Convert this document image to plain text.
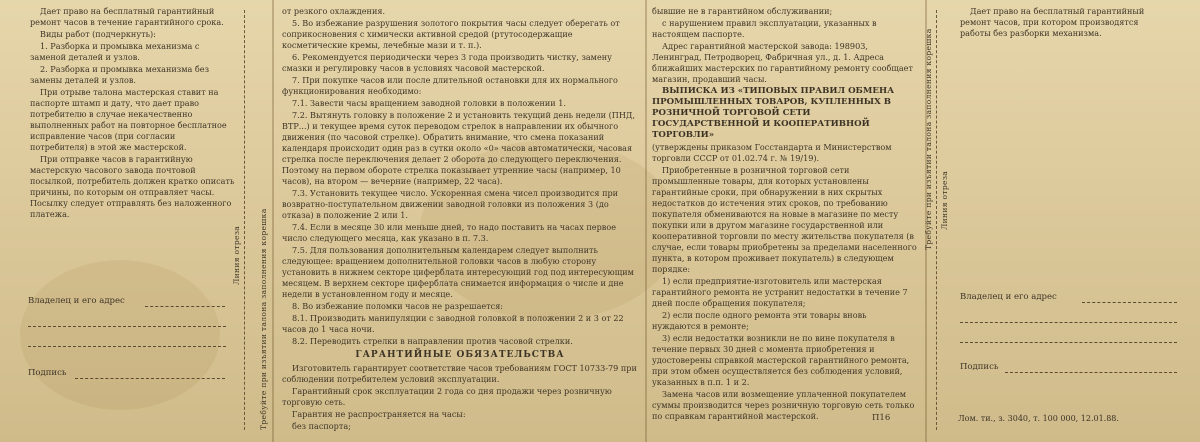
Дает право на бесплатный гарантийный ремонт часов в течение гарантийного срока.

Виды работ (подчеркнуть):

1. Разборка и промывка механизма с заменой деталей и узлов.

2. Разборка и промывка механизма без замены деталей и узлов.

При отрыве талона мастерская ставит на паспорте штамп и дату, что дает право потребителю в случае некачественно выполненных работ на повторное бесплатное исправление часов (при согласии потребителя) в этой же мастерской.

При отправке часов в гарантийную мастерскую часового завода почтовой посылкой, потребитель должен кратко описать причины, по которым он отправляет часы. Посылку следует отправлять без наложенного платежа.

Владелец и его адрес
Подпись
Линия отреза Требуйте при изъятии талона заполнения корешка

от резкого охлаждения.

5. Во избежание разрушения золотого покрытия часы следует оберегать от соприкосновения с химически активной средой (ртутосодержащие косметические кремы, лечебные мази и т. п.).

6. Рекомендуется периодически через 3 года производить чистку, замену смазки и регулировку часов в условиях часовой мастерской.

7. При покупке часов или после длительной остановки для их нормального функционирования необходимо:

7.1. Завести часы вращением заводной головки в положении 1.

7.2. Вытянуть головку в положение 2 и установить текущий день недели (ПНД, ВТР...) и текущее время суток переводом стрелок в направлении их обычного движения (по часовой стрелке). Обратить внимание, что смена показаний календаря происходит один раз в сутки около «0» часов автоматически, часовая стрелка после переключения делает 2 оборота до следующего переключения. Поэтому на первом обороте стрелка показывает утренние часы (например, 10 часов), на втором — вечерние (например, 22 часа).

7.3. Установить текущее число. Ускоренная смена чисел производится при возвратно-поступательном движении заводной головки из положения 3 (до отказа) в положение 2 или 1.

7.4. Если в месяце 30 или меньше дней, то надо поставить на часах первое число следующего месяца, как указано в п. 7.3.

7.5. Для пользования дополнительным календарем следует выполнить следующее: вращением дополнительной головки часов в любую сторону установить в нижнем секторе циферблата интересующий год под интересующим месяцем. В верхнем секторе циферблата снимается информация о числе и дне недели в установленном году и месяце.

8. Во избежание поломки часов не разрешается:

8.1. Производить манипуляции с заводной головкой в положении 2 и 3 от 22 часов до 1 часа ночи.

8.2. Переводить стрелки в направлении против часовой стрелки.

ГАРАНТИЙНЫЕ ОБЯЗАТЕЛЬСТВА

Изготовитель гарантирует соответствие часов требованиям ГОСТ 10733-79 при соблюдении потребителем условий эксплуатации.

Гарантийный срок эксплуатации 2 года со дня продажи через розничную торговую сеть.

Гарантия не распространяется на часы:

без паспорта;

бывшие не в гарантийном обслуживании;

с нарушением правил эксплуатации, указанных в настоящем паспорте.

Адрес гарантийной мастерской завода: 198903, Ленинград, Петродворец, Фабричная ул., д. 1. Адреса ближайших мастерских по гарантийному ремонту сообщает магазин, продавший часы.

ВЫПИСКА ИЗ «ТИПОВЫХ ПРАВИЛ ОБМЕНА ПРОМЫШЛЕННЫХ ТОВАРОВ, КУПЛЕННЫХ В РОЗНИЧНОЙ ТОРГОВОЙ СЕТИ ГОСУДАРСТВЕННОЙ И КООПЕРАТИВНОЙ ТОРГОВЛИ»

(утверждены приказом Госстандарта и Министерством торговли СССР от 01.02.74 г. № 19/19).

Приобретенные в розничной торговой сети промышленные товары, для которых установлены гарантийные сроки, при обнаружении в них скрытых недостатков до истечения этих сроков, по требованию покупателя обмениваются на новые в магазине по месту покупки или в другом магазине государственной или кооперативной торговли по месту жительства покупателя (в случае, если товары приобретены за пределами населенного пункта, в котором проживает покупатель) в следующем порядке:

1) если предприятие-изготовитель или мастерская гарантийного ремонта не устранит недостатки в течение 7 дней после обращения покупателя;

2) если после одного ремонта эти товары вновь нуждаются в ремонте;

3) если недостатки возникли не по вине покупателя в течение первых 30 дней с момента приобретения и удостоверены справкой мастерской гарантийного ремонта, при этом обмен осуществляется без соблюдения условий, указанных в п.п. 1 и 2.

Замена часов или возмещение уплаченной покупателем суммы производится через розничную торговую сеть только по справкам гарантийной мастерской.	П16
Требуйте при изъятии талона заполнения корешка Линия отреза

Дает право на бесплатный гарантийный ремонт часов, при котором производятся работы без разборки механизма.

Владелец и его адрес
Подпись
Лом. ти., з. 3040, т. 100 000, 12.01.88.
